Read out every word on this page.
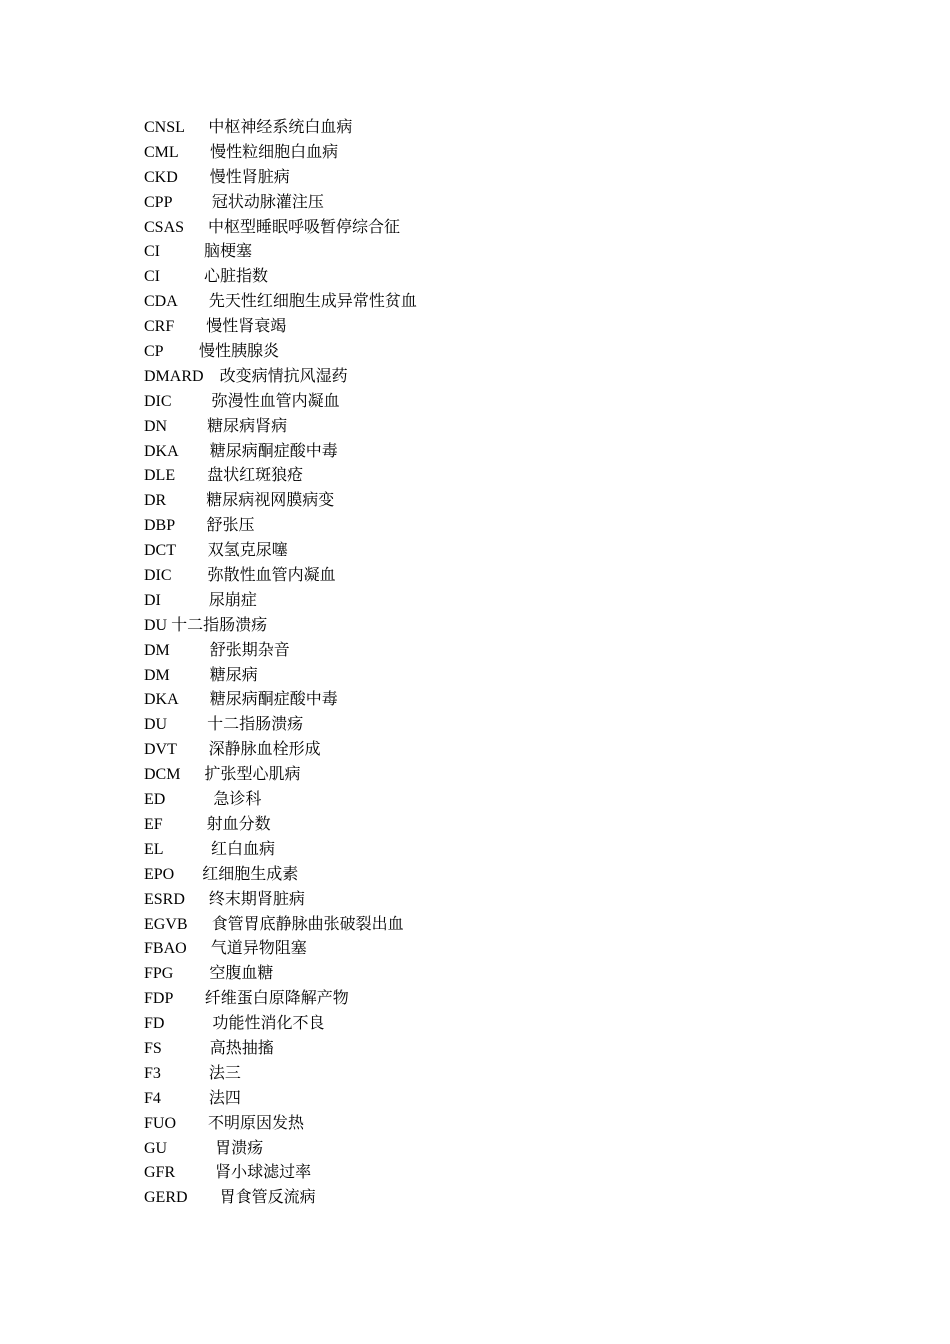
CNSL 中枢神经系统白血病
CML 慢性粒细胞白血病
CKD 慢性肾脏病
CPP	冠状动脉灌注压
CSAS 中枢型睡眠呼吸暂停综合征
CI	脑梗塞
CI	心脏指数
CDA 先天性红细胞生成异常性贫血
CRF 慢性肾衰竭
CP 慢性胰腺炎
DMARD 改变病情抗风湿药
DIC	弥漫性血管内凝血
DN	糖尿病肾病
DKA 糖尿病酮症酸中毒
DLE 盘状红斑狼疮
DR	糖尿病视网膜病变
DBP 舒张压
DCT 双氢克尿噻
DIC 弥散性血管内凝血
DI	尿崩症
DU 十二指肠溃疡
DM	舒张期杂音
DM	糖尿病
DKA 糖尿病酮症酸中毒
DU	十二指肠溃疡
DVT 深静脉血栓形成
DCM 扩张型心肌病
ED	急诊科
EF	射血分数
EL	红白血病
EPO 红细胞生成素
ESRD 终末期肾脏病
EGVB 食管胃底静脉曲张破裂出血
FBAO 气道异物阻塞
FPG 空腹血糖
FDP 纤维蛋白原降解产物
FD	功能性消化不良
FS	高热抽搐
F3	法三
F4	法四
FUO 不明原因发热
GU	胃溃疡
GFR	肾小球滤过率
GERD 胃食管反流病
